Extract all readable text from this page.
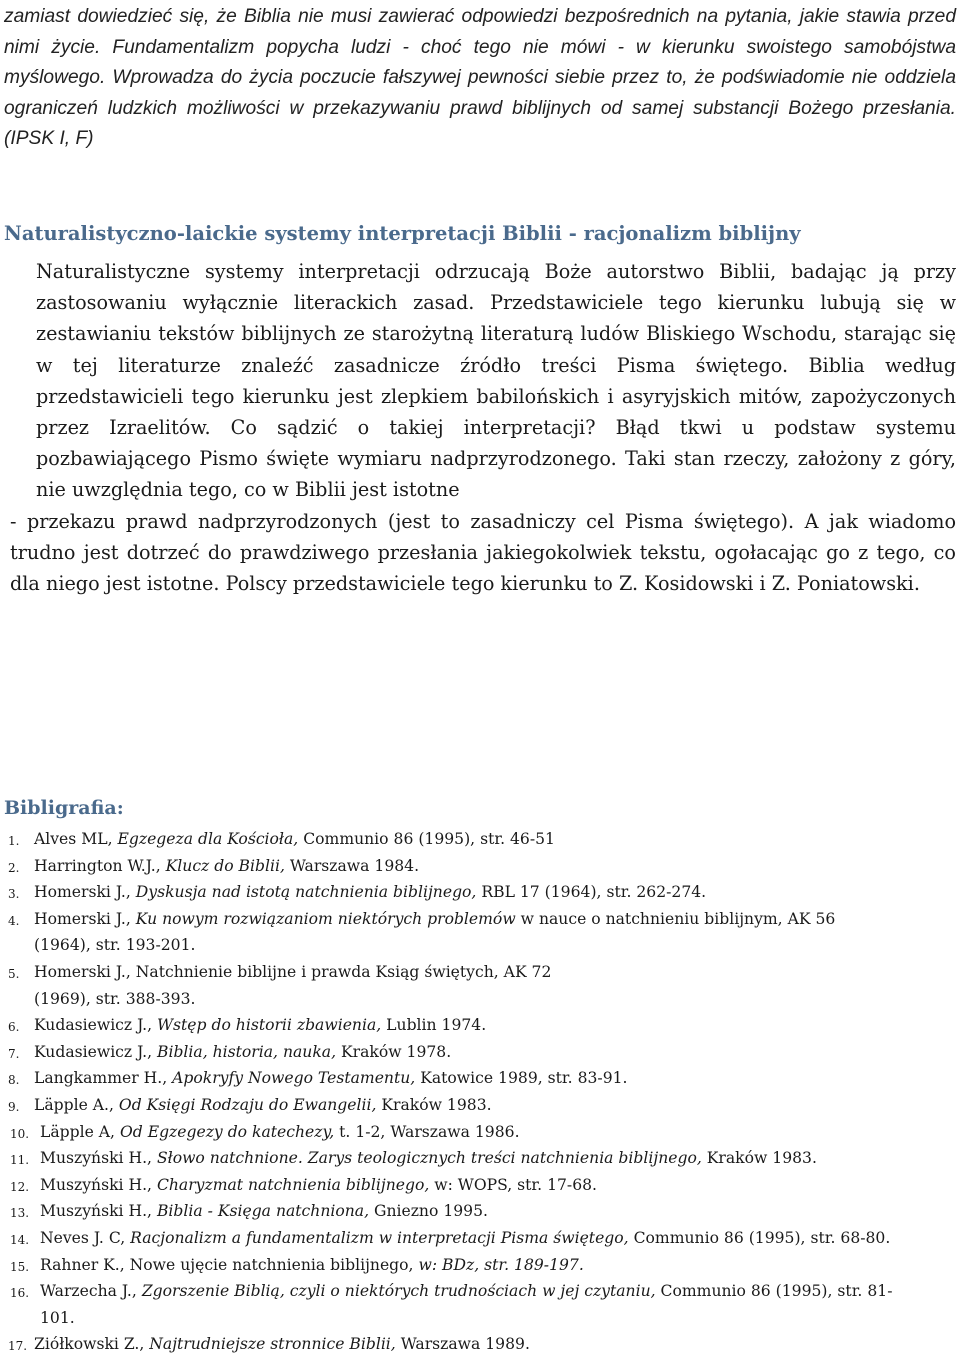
zamiast dowiedzieć się, że Biblia nie musi zawierać odpowiedzi bezpośrednich na pytania, jakie stawia przed nimi życie. Fundamentalizm popycha ludzi - choć tego nie mówi - w kierunku swoistego samobójstwa myślowego. Wprowadza do życia poczucie fałszywej pewności siebie przez to, że podświadomie nie oddziela ograniczeń ludzkich możliwości w przekazywaniu prawd biblijnych od samej substancji Bożego przesłania. (IPSK I, F)

Naturalistyczno-laickie systemy interpretacji Biblii - racjonalizm biblijny
Naturalistyczne systemy interpretacji odrzucają Boże autorstwo Biblii, badając ją przy zastosowaniu wyłącznie literackich zasad. Przedstawiciele tego kierunku lubują się w zestawianiu tekstów biblijnych ze starożytną literaturą ludów Bliskiego Wschodu, starając się w tej literaturze znaleźć zasadnicze źródło treści Pisma świętego. Biblia według przedstawicieli tego kierunku jest zlepkiem babilońskich i asyryjskich mitów, zapożyczonych przez Izraelitów. Co sądzić o takiej interpretacji? Błąd tkwi u podstaw systemu pozbawiającego Pismo święte wymiaru nadprzyrodzonego. Taki stan rzeczy, założony z góry, nie uwzględnia tego, co w Biblii jest istotne
- przekazu prawd nadprzyrodzonych (jest to zasadniczy cel Pisma świętego). A jak wiadomo trudno jest dotrzeć do prawdziwego przesłania jakiegokolwiek tekstu, ogołacając go z tego, co dla niego jest istotne. Polscy przedstawiciele tego kierunku to Z. Kosidowski i Z. Poniatowski.
Bibligrafia:
1. Alves ML, Egzegeza dla Kościoła, Communio 86 (1995), str. 46-51
2. Harrington W.J., Klucz do Biblii, Warszawa 1984.
3. Homerski J., Dyskusja nad istotą natchnienia biblijnego, RBL 17 (1964), str. 262-274.
4. Homerski J., Ku nowym rozwiązaniom niektórych problemów w nauce o natchnieniu biblijnym, AK 56 (1964), str. 193-201.
5. Homerski J., Natchnienie biblijne i prawda Ksiąg świętych, AK 72 (1969), str. 388-393.
6. Kudasiewicz J., Wstęp do historii zbawienia, Lublin 1974.
7. Kudasiewicz J., Biblia, historia, nauka, Kraków 1978.
8. Langkammer H., Apokryfy Nowego Testamentu, Katowice 1989, str. 83-91.
9. Läpple A., Od Księgi Rodzaju do Ewangelii, Kraków 1983.
10. Läpple A, Od Egzegezy do katechezy, t. 1-2, Warszawa 1986.
11. Muszyński H., Słowo natchnione. Zarys teologicznych treści natchnienia biblijnego, Kraków 1983.
12. Muszyński H., Charyzmat natchnienia biblijnego, w: WOPS, str. 17-68.
13. Muszyński H., Biblia - Księga natchniona, Gniezno 1995.
14. Neves J. C, Racjonalizm a fundamentalizm w interpretacji Pisma świętego, Communio 86 (1995), str. 68-80.
15. Rahner K., Nowe ujęcie natchnienia biblijnego, w: BDz, str. 189-197.
16. Warzecha J., Zgorszenie Biblią, czyli o niektórych trudnościach w jej czytaniu, Communio 86 (1995), str. 81-101.
17. Ziółkowski Z., Najtrudniejsze stronnice Biblii, Warszawa 1989.
